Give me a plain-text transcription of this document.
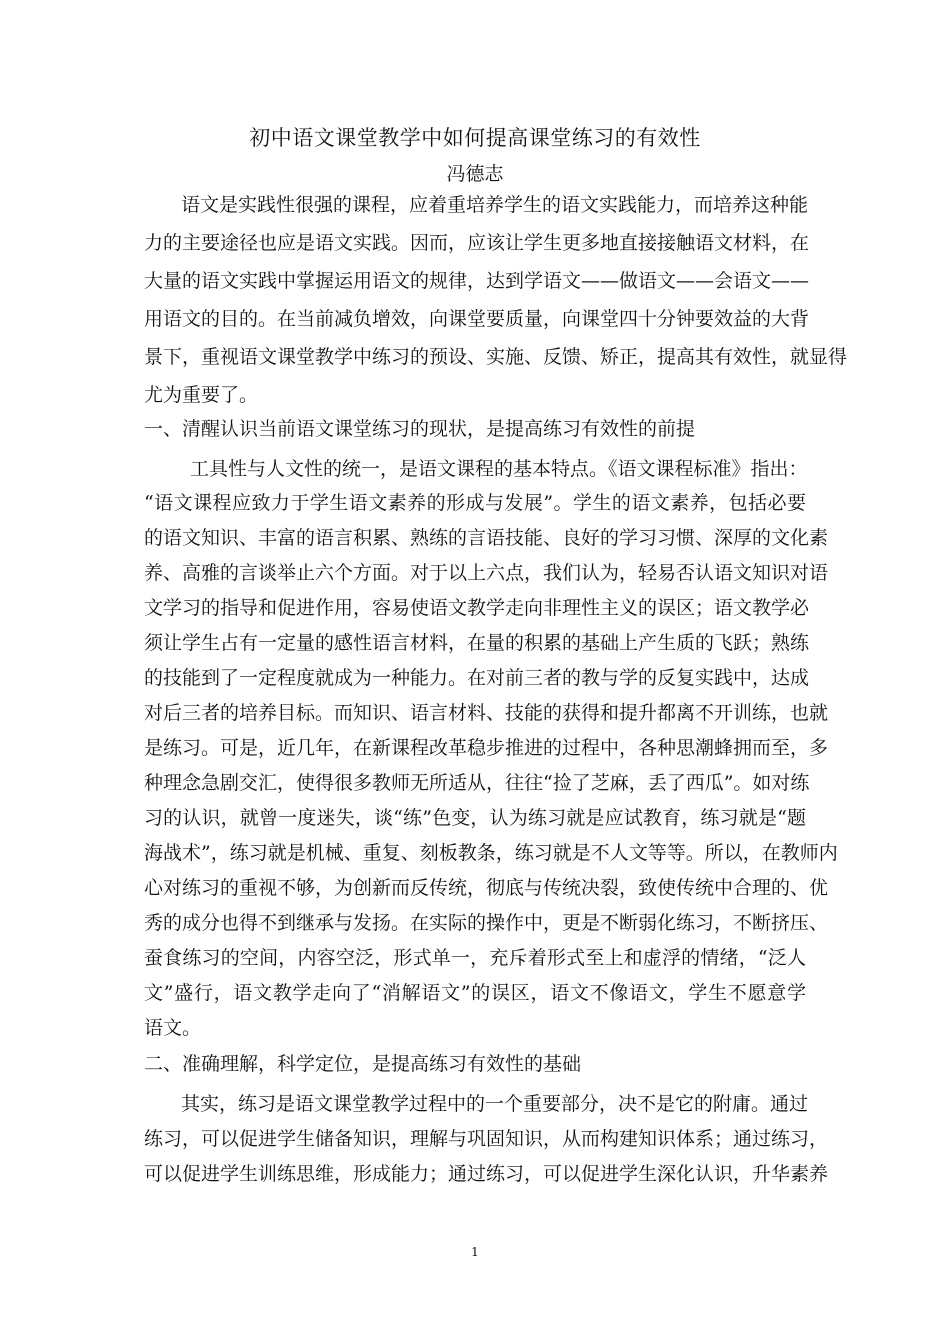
初中语文课堂教学中如何提高课堂练习的有效性
冯德志
语文是实践性很强的课程，应着重培养学生的语文实践能力，而培养这种能
力的主要途径也应是语文实践。因而，应该让学生更多地直接接触语文材料，在
大量的语文实践中掌握运用语文的规律，达到学语文——做语文——会语文——
用语文的目的。在当前减负增效，向课堂要质量，向课堂四十分钟要效益的大背
景下，重视语文课堂教学中练习的预设、实施、反馈、矫正，提高其有效性，就显得
尤为重要了。
一、清醒认识当前语文课堂练习的现状，是提高练习有效性的前提
工具性与人文性的统一，是语文课程的基本特点。《语文课程标准》指出：
“语文课程应致力于学生语文素养的形成与发展”。学生的语文素养，包括必要
的语文知识、丰富的语言积累、熟练的言语技能、良好的学习习惯、深厚的文化素
养、高雅的言谈举止六个方面。对于以上六点，我们认为，轻易否认语文知识对语
文学习的指导和促进作用，容易使语文教学走向非理性主义的误区；语文教学必
须让学生占有一定量的感性语言材料，在量的积累的基础上产生质的飞跃；熟练
的技能到了一定程度就成为一种能力。在对前三者的教与学的反复实践中，达成
对后三者的培养目标。而知识、语言材料、技能的获得和提升都离不开训练，也就
是练习。可是，近几年，在新课程改革稳步推进的过程中，各种思潮蜂拥而至，多
种理念急剧交汇，使得很多教师无所适从，往往“捡了芝麻，丢了西瓜”。如对练
习的认识，就曾一度迷失，谈“练”色变，认为练习就是应试教育，练习就是“题
海战术”，练习就是机械、重复、刻板教条，练习就是不人文等等。所以，在教师内
心对练习的重视不够，为创新而反传统，彻底与传统决裂，致使传统中合理的、优
秀的成分也得不到继承与发扬。在实际的操作中，更是不断弱化练习，不断挤压、
蚕食练习的空间，内容空泛，形式单一，充斥着形式至上和虚浮的情绪，“泛人
文”盛行，语文教学走向了“消解语文”的误区，语文不像语文，学生不愿意学
语文。
二、准确理解，科学定位，是提高练习有效性的基础
其实，练习是语文课堂教学过程中的一个重要部分，决不是它的附庸。通过
练习，可以促进学生储备知识，理解与巩固知识，从而构建知识体系；通过练习，
可以促进学生训练思维，形成能力；通过练习，可以促进学生深化认识，升华素养
1
